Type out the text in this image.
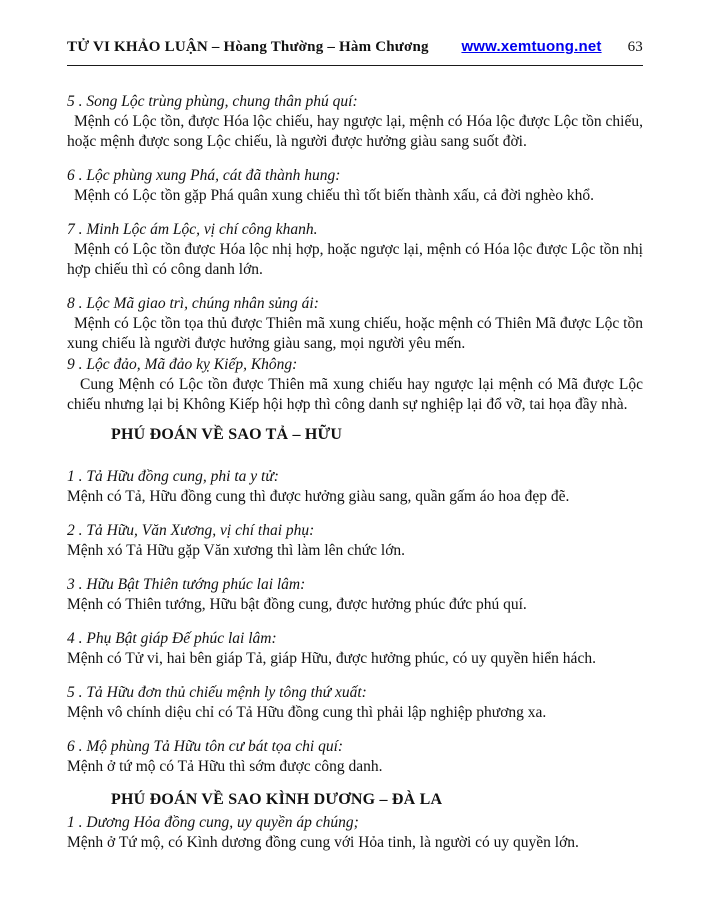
TỬ VI KHẢO LUẬN – Hòang Thường – Hàm Chương www.xemtuong.net 63
5 . Song Lộc trùng phùng, chung thân phú quí:
Mệnh có Lộc tồn, được Hóa lộc chiếu, hay ngược lại, mệnh có Hóa lộc được Lộc tồn chiếu, hoặc mệnh được song Lộc chiếu, là người được hưởng giàu sang suốt đời.
6 . Lộc phùng xung Phá, cát đã thành hung:
Mệnh có Lộc tồn gặp Phá quân xung chiếu thì tốt biến thành xấu, cả đời nghèo khổ.
7 . Minh Lộc ám Lộc, vị chí công khanh.
Mệnh có Lộc tồn được Hóa lộc nhị hợp, hoặc ngược lại, mệnh có Hóa lộc được Lộc tồn nhị hợp chiếu thì có công danh lớn.
8 . Lộc Mã giao trì, chúng nhân sủng ái:
Mệnh có Lộc tồn tọa thủ được Thiên mã xung chiếu, hoặc mệnh có Thiên Mã được Lộc tồn xung chiếu là người được hưởng giàu sang, mọi người yêu mến.
9 . Lộc đảo, Mã đảo kỵ Kiếp, Không:
Cung Mệnh có Lộc tồn được Thiên mã xung chiếu hay ngược lại mệnh có Mã được Lộc chiếu nhưng lại bị Không Kiếp hội hợp thì công danh sự nghiệp lại đổ vỡ, tai họa đầy nhà.
PHÚ ĐOÁN VỀ SAO TẢ – HỮU
1 . Tả Hữu đồng cung, phi ta y tử:
Mệnh có Tả, Hữu đồng cung thì được hưởng giàu sang, quần gấm áo hoa đẹp đẽ.
2 . Tả Hữu, Văn Xương, vị chí thai phụ:
Mệnh xó Tả Hữu gặp Văn xương thì làm lên chức lớn.
3 . Hữu Bật Thiên tướng phúc lai lâm:
Mệnh có Thiên tướng, Hữu bật đồng cung, được hưởng phúc đức phú quí.
4 . Phụ Bật giáp Đế phúc lai lâm:
Mệnh có Tử vi, hai bên giáp Tả, giáp Hữu, được hưởng phúc, có uy quyền hiển hách.
5 . Tả Hữu đơn thủ chiếu mệnh ly tông thứ xuất:
Mệnh vô chính diệu chỉ có Tả Hữu đồng cung thì phải lập nghiệp phương xa.
6 . Mộ phùng Tả Hữu tôn cư bát tọa chi quí:
Mệnh ở tứ mộ có Tả Hữu thì sớm được công danh.
PHÚ ĐOÁN VỀ SAO KÌNH DƯƠNG – ĐÀ LA
1 . Dương Hỏa đồng cung, uy quyền áp chúng;
Mệnh ở Tứ mộ, có Kình dương đồng cung với Hỏa tinh, là người có uy quyền lớn.
